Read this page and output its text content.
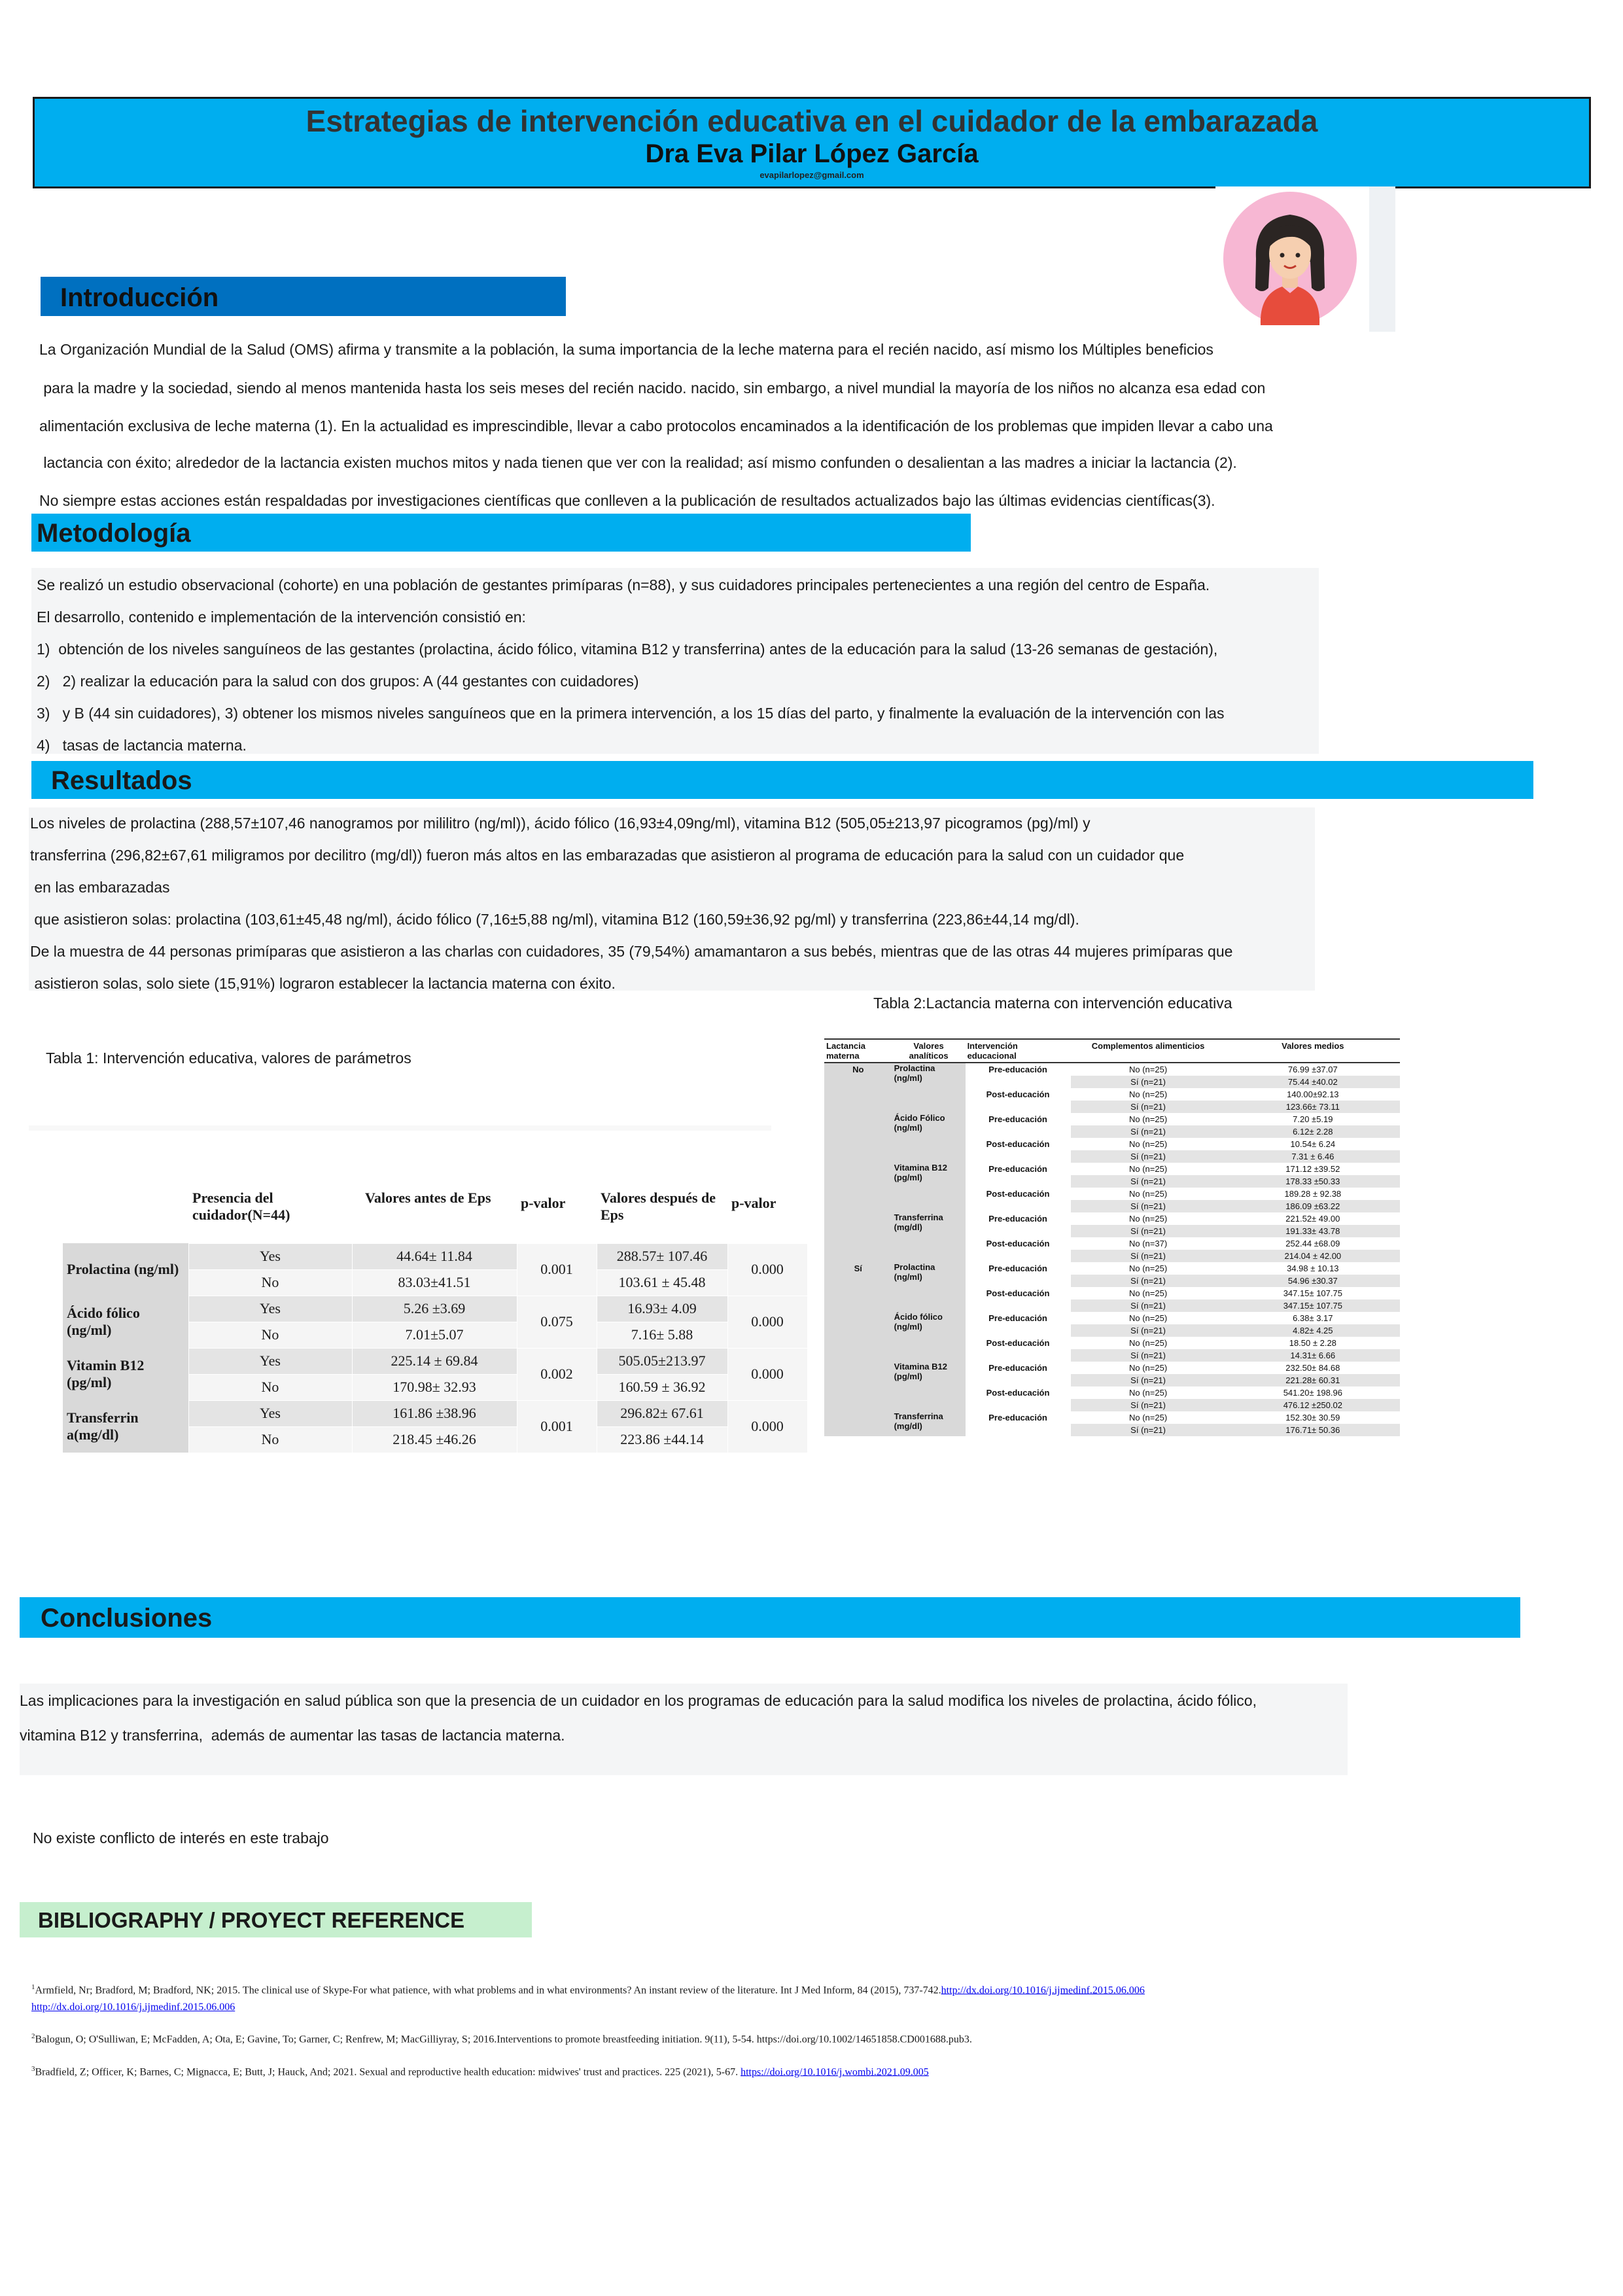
Estrategias de intervención educativa en el cuidador de la embarazada
Dra Eva Pilar López García
evapilarlopez@gmail.com
Introducción

La Organización Mundial de la Salud (OMS) afirma y transmite a la población, la suma importancia de la leche materna para el recién nacido, así mismo los Múltiples beneficios

para la madre y la sociedad, siendo al menos mantenida hasta los seis meses del recién nacido. nacido, sin embargo, a nivel mundial la mayoría de los niños no alcanza esa edad con

alimentación exclusiva de leche materna (1). En la actualidad es imprescindible, llevar a cabo protocolos encaminados a la identificación de los problemas que impiden llevar a cabo una

lactancia con éxito; alrededor de la lactancia existen muchos mitos y nada tienen que ver con la realidad; así mismo confunden o desalientan a las madres a iniciar la lactancia (2).

No siempre estas acciones están respaldadas por investigaciones científicas que conlleven a la publicación de resultados actualizados bajo las últimas evidencias científicas(3).

Metodología

Se realizó un estudio observacional (cohorte) en una población de gestantes primíparas (n=88), y sus cuidadores principales pertenecientes a una región del centro de España.

El desarrollo, contenido e implementación de la intervención consistió en:

1)  obtención de los niveles sanguíneos de las gestantes (prolactina, ácido fólico, vitamina B12 y transferrina) antes de la educación para la salud (13-26 semanas de gestación),

2)   2) realizar la educación para la salud con dos grupos: A (44 gestantes con cuidadores)

3)   y B (44 sin cuidadores), 3) obtener los mismos niveles sanguíneos que en la primera intervención, a los 15 días del parto, y finalmente la evaluación de la intervención con las

4)   tasas de lactancia materna.

Resultados

Los niveles de prolactina (288,57±107,46 nanogramos por mililitro (ng/ml)), ácido fólico (16,93±4,09ng/ml), vitamina B12 (505,05±213,97 picogramos (pg)/ml) y

transferrina (296,82±67,61 miligramos por decilitro (mg/dl)) fueron más altos en las embarazadas que asistieron al programa de educación para la salud con un cuidador que

en las embarazadas

que asistieron solas: prolactina (103,61±45,48 ng/ml), ácido fólico (7,16±5,88 ng/ml), vitamina B12 (160,59±36,92 pg/ml) y transferrina (223,86±44,14 mg/dl).

De la muestra de 44 personas primíparas que asistieron a las charlas con cuidadores, 35 (79,54%) amamantaron a sus bebés, mientras que de las otras 44 mujeres primíparas que

asistieron solas, solo siete (15,91%) lograron establecer la lactancia materna con éxito.

Tabla 2:Lactancia materna con intervención educativa
Tabla 1: Intervención educativa, valores de parámetros
	Presencia del cuidador(N=44)	Valores antes de Eps	p-valor	Valores después de Eps	p-valor
Prolactina (ng/ml)	Yes	44.64± 11.84	0.001	288.57± 107.46	0.000
	No	83.03±41.51		103.61 ± 45.48	
Ácido fólico (ng/ml)	Yes	5.26 ±3.69	0.075	16.93± 4.09	0.000
	No	7.01±5.07		7.16± 5.88	
Vitamin B12 (pg/ml)	Yes	225.14 ± 69.84	0.002	505.05±213.97	0.000
	No	170.98± 32.93		160.59 ± 36.92	
Transferrin a(mg/dl)	Yes	161.86 ±38.96	0.001	296.82± 67.61	0.000
	No	218.45 ±46.26		223.86 ±44.14	
Lactancia materna	Valores analíticos	Intervención educacional	Complementos alimenticios	Valores medios
No	Prolactina (ng/ml)	Pre-educación	No (n=25)	76.99 ±37.07
			Sí (n=21)	75.44 ±40.02
		Post-educación	No (n=25)	140.00±92.13
			Sí (n=21)	123.66± 73.11
	Ácido Fólico (ng/ml)	Pre-educación	No (n=25)	7.20 ±5.19
			Sí (n=21)	6.12± 2.28
		Post-educación	No (n=25)	10.54± 6.24
			Sí (n=21)	7.31 ± 6.46
	Vitamina B12 (pg/ml)	Pre-educación	No (n=25)	171.12 ±39.52
			Sí (n=21)	178.33 ±50.33
		Post-educación	No (n=25)	189.28 ± 92.38
			Sí (n=21)	186.09 ±63.22
	Transferrina (mg/dl)	Pre-educación	No (n=25)	221.52± 49.00
			Sí (n=21)	191.33± 43.78
		Post-educación	No (n=37)	252.44 ±68.09
			Sí (n=21)	214.04 ± 42.00
Sí	Prolactina (ng/ml)	Pre-educación	No (n=25)	34.98 ± 10.13
			Sí (n=21)	54.96 ±30.37
		Post-educación	No (n=25)	347.15± 107.75
			Sí (n=21)	347.15± 107.75
	Ácido fólico (ng/ml)	Pre-educación	No (n=25)	6.38± 3.17
			Sí (n=21)	4.82± 4.25
		Post-educación	No (n=25)	18.50 ± 2.28
			Sí (n=21)	14.31± 6.66
	Vitamina B12 (pg/ml)	Pre-educación	No (n=25)	232.50± 84.68
			Sí (n=21)	221.28± 60.31
		Post-educación	No (n=25)	541.20± 198.96
			Sí (n=21)	476.12 ±250.02
	Transferrina (mg/dl)	Pre-educación	No (n=25)	152.30± 30.59
			Sí (n=21)	176.71± 50.36
Conclusiones

Las implicaciones para la investigación en salud pública son que la presencia de un cuidador en los programas de educación para la salud modifica los niveles de prolactina, ácido fólico,

vitamina B12 y transferrina,  además de aumentar las tasas de lactancia materna.

No existe conflicto de interés en este trabajo
BIBLIOGRAPHY / PROYECT REFERENCE

$^1$Armfield, Nr; Bradford, M; Bradford, NK; 2015. The clinical use of Skype-For what patience, with what problems and in what environments? An instant review of the literature. Int J Med Inform, 84 (2015), 737-742.http://dx.doi.org/10.1016/j.ijmedinf.2015.06.006
http://dx.doi.org/10.1016/j.ijmedinf.2015.06.006

$^2$Balogun, O; O'Sulliwan, E; McFadden, A; Ota, E; Gavine, To; Garner, C; Renfrew, M; MacGilliyray, S; 2016.Interventions to promote breastfeeding initiation. 9(11), 5-54. https://doi.org/10.1002/14651858.CD001688.pub3.

$^3$Bradfield, Z; Officer, K; Barnes, C; Mignacca, E; Butt, J; Hauck, And; 2021. Sexual and reproductive health education: midwives' trust and practices. 225 (2021), 5-67. https://doi.org/10.1016/j.wombi.2021.09.005
